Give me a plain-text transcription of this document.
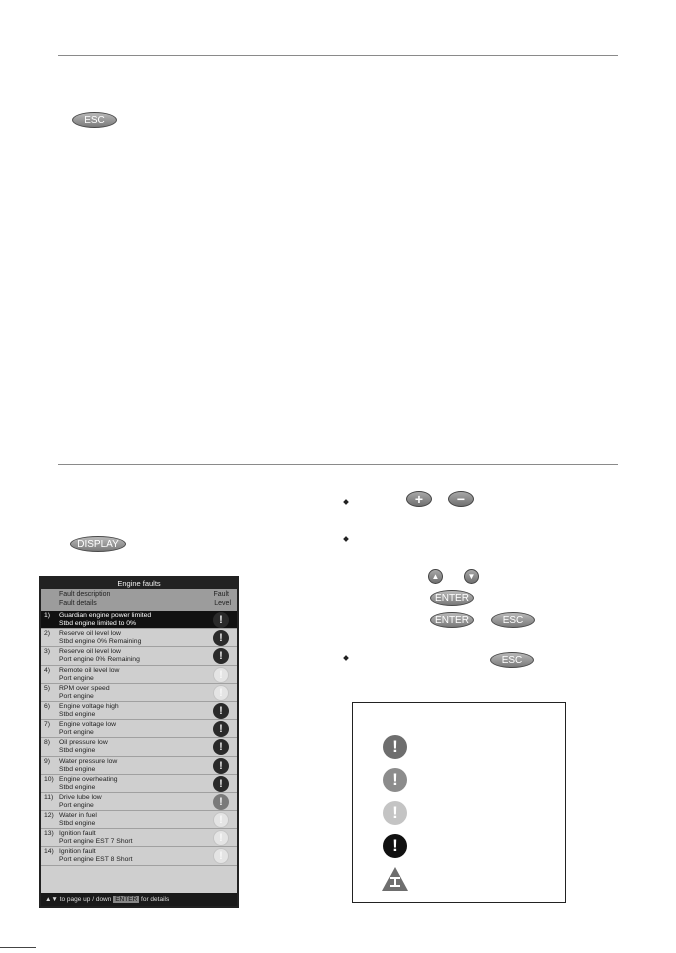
ESC
DISPLAY
Engine faults
Fault description
Fault details
Fault
Level
1) Guardian engine power limited
Stbd engine limited to 0%	!
2) Reserve oil level low
Stbd engine 0% Remaining	!
3) Reserve oil level low
Port engine 0% Remaining	!
4) Remote oil level low
Port engine	!
5) RPM over speed
Port engine	!
6) Engine voltage high
Stbd engine	!
7) Engine voltage low
Port engine	!
8) Oil pressure low
Stbd engine	!
9) Water pressure low
Stbd engine	!
10) Engine overheating
Stbd engine	!
11) Drive lube low
Port engine	!
12) Water in fuel
Stbd engine	!
13) Ignition fault
Port engine EST 7 Short	!
14) Ignition fault
Port engine EST 8 Short	!
▲▼ to page up / down ENTER for details
+	−
▲	▼
ENTER
ENTER	ESC
ESC
!
!
!
!
